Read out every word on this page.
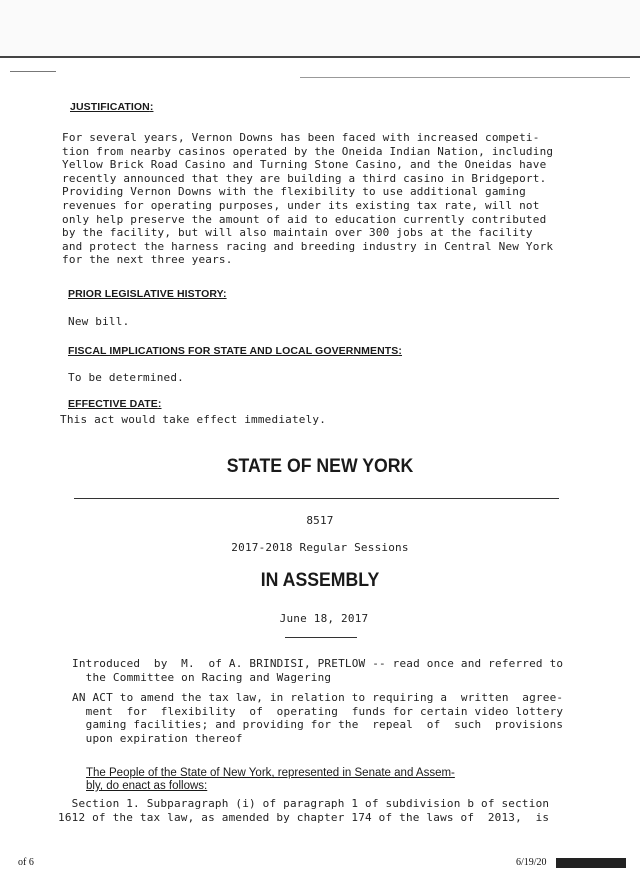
JUSTIFICATION:
For several years, Vernon Downs has been faced with increased competi-
tion from nearby casinos operated by the Oneida Indian Nation, including
Yellow Brick Road Casino and Turning Stone Casino, and the Oneidas have
recently announced that they are building a third casino in Bridgeport.
Providing Vernon Downs with the flexibility to use additional gaming
revenues for operating purposes, under its existing tax rate, will not
only help preserve the amount of aid to education currently contributed
by the facility, but will also maintain over 300 jobs at the facility
and protect the harness racing and breeding industry in Central New York
for the next three years.
PRIOR LEGISLATIVE HISTORY:
New bill.
FISCAL IMPLICATIONS FOR STATE AND LOCAL GOVERNMENTS:
To be determined.
EFFECTIVE DATE:
This act would take effect immediately.
STATE OF NEW YORK
8517
2017-2018 Regular Sessions
IN ASSEMBLY
June 18, 2017
Introduced  by  M.  of A. BRINDISI, PRETLOW -- read once and referred to
the Committee on Racing and Wagering
AN ACT to amend the tax law, in relation to requiring a  written  agree-
ment  for  flexibility  of  operating  funds for certain video lottery
gaming facilities; and providing for the  repeal  of  such  provisions
upon expiration thereof
The People of the State of New York, represented in Senate and Assem-
bly, do enact as follows:
Section 1. Subparagraph (i) of paragraph 1 of subdivision b of section
1612 of the tax law, as amended by chapter 174 of the laws of  2013,  is
of 6	6/19/20
